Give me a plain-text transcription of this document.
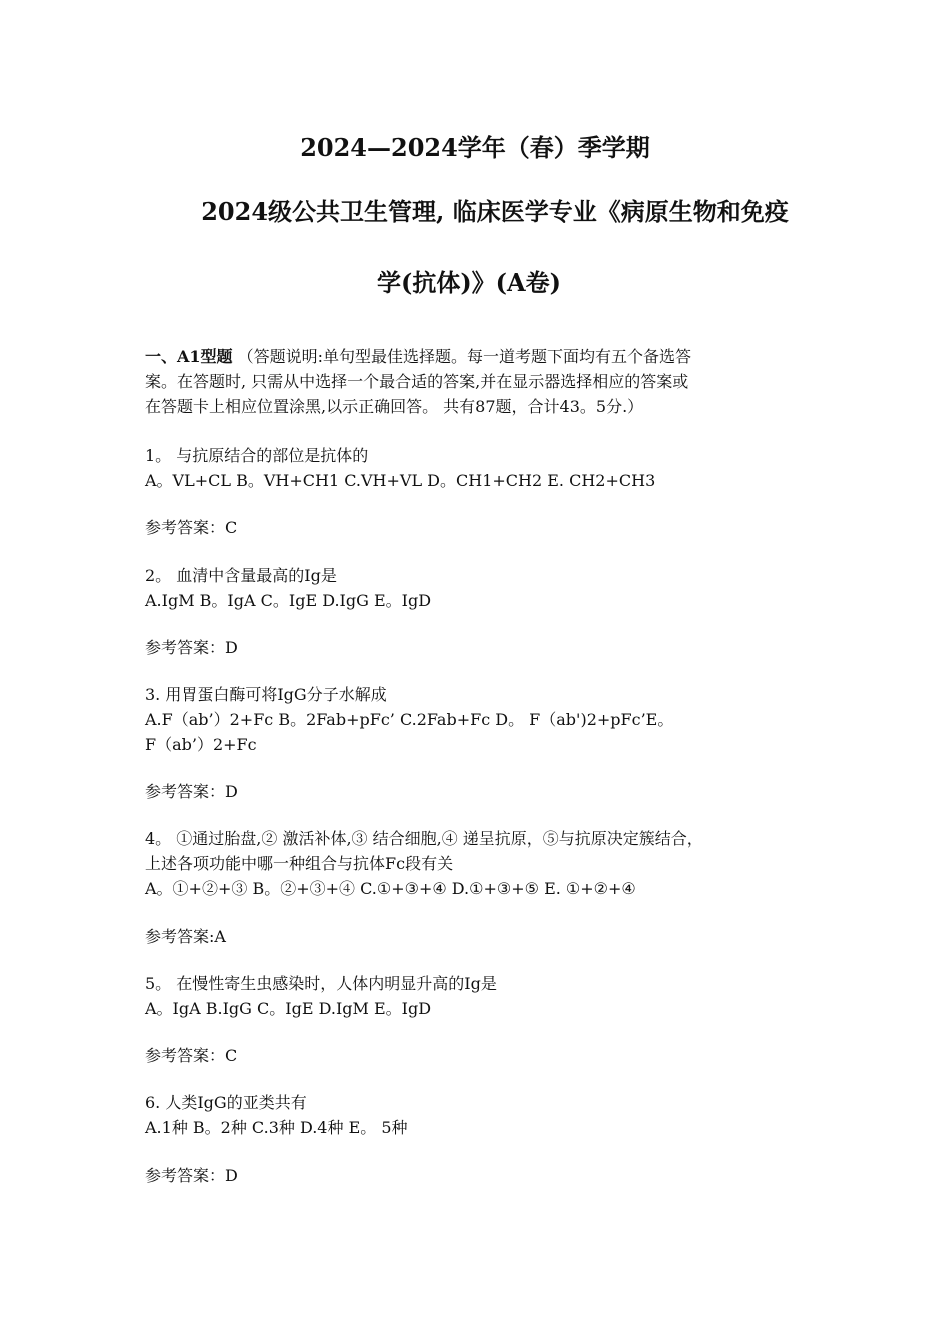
2024—2024学年（春）季学期
2024级公共卫生管理, 临床医学专业《病原生物和免疫
学(抗体)》(A卷)
一、A1型题 （答题说明:单句型最佳选择题。每一道考题下面均有五个备选答
案。在答题时, 只需从中选择一个最合适的答案,并在显示器选择相应的答案或
在答题卡上相应位置涂黑,以示正确回答。 共有87题，合计43。5分.）
1。 与抗原结合的部位是抗体的
A。VL+CL B。VH+CH1 C.VH+VL D。CH1+CH2 E. CH2+CH3
参考答案：C
2。 血清中含量最高的Ig是
A.IgM B。IgA C。IgE D.IgG E。IgD
参考答案：D
3. 用胃蛋白酶可将IgG分子水解成
A.F（ab’）2+Fc B。2Fab+pFc’ C.2Fab+Fc D。 F（ab')2+pFc’E。
F（ab’）2+Fc
参考答案：D
4。 ①通过胎盘,② 激活补体,③ 结合细胞,④ 递呈抗原，⑤与抗原决定簇结合，
上述各项功能中哪一种组合与抗体Fc段有关
A。①+②+③ B。②+③+④ C.①+③+④ D.①+③+⑤ E. ①+②+④
参考答案:A
5。 在慢性寄生虫感染时，人体内明显升高的Ig是
A。IgA B.IgG C。IgE D.IgM E。IgD
参考答案：C
6. 人类IgG的亚类共有
A.1种 B。2种 C.3种 D.4种 E。 5种
参考答案：D
